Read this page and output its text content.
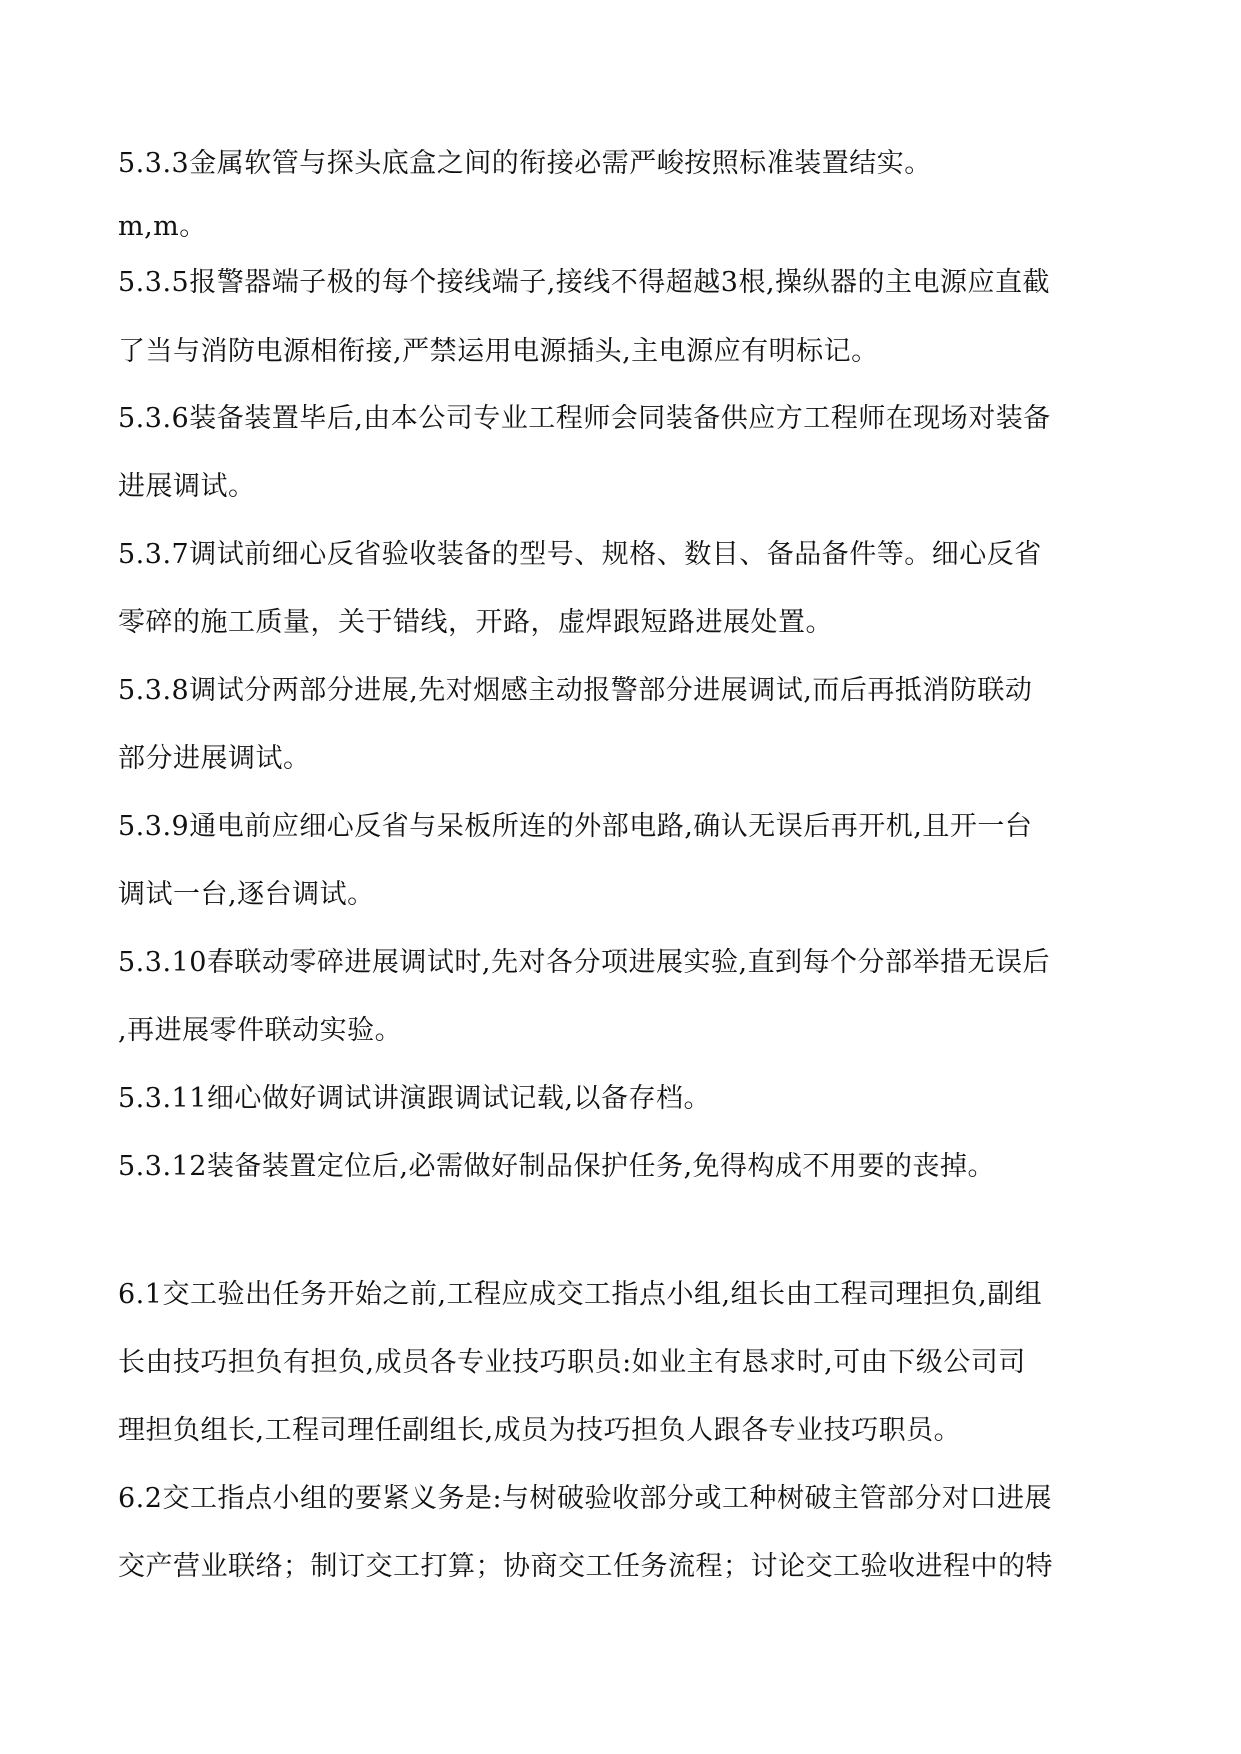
5.3.3金属软管与探头底盒之间的衔接必需严峻按照标准装置结实。
m,m。
5.3.5报警器端子极的每个接线端子,接线不得超越3根,操纵器的主电源应直截
了当与消防电源相衔接,严禁运用电源插头,主电源应有明标记。
5.3.6装备装置毕后,由本公司专业工程师会同装备供应方工程师在现场对装备
进展调试。
5.3.7调试前细心反省验收装备的型号、规格、数目、备品备件等。细心反省
零碎的施工质量，关于错线，开路，虚焊跟短路进展处置。
5.3.8调试分两部分进展,先对烟感主动报警部分进展调试,而后再抵消防联动
部分进展调试。
5.3.9通电前应细心反省与呆板所连的外部电路,确认无误后再开机,且开一台
调试一台,逐台调试。
5.3.10春联动零碎进展调试时,先对各分项进展实验,直到每个分部举措无误后
,再进展零件联动实验。
5.3.11细心做好调试讲演跟调试记载,以备存档。
5.3.12装备装置定位后,必需做好制品保护任务,免得构成不用要的丧掉。
6.1交工验出任务开始之前,工程应成交工指点小组,组长由工程司理担负,副组
长由技巧担负有担负,成员各专业技巧职员:如业主有恳求时,可由下级公司司
理担负组长,工程司理任副组长,成员为技巧担负人跟各专业技巧职员。
6.2交工指点小组的要紧义务是:与树破验收部分或工种树破主管部分对口进展
交产营业联络；制订交工打算；协商交工任务流程；讨论交工验收进程中的特
